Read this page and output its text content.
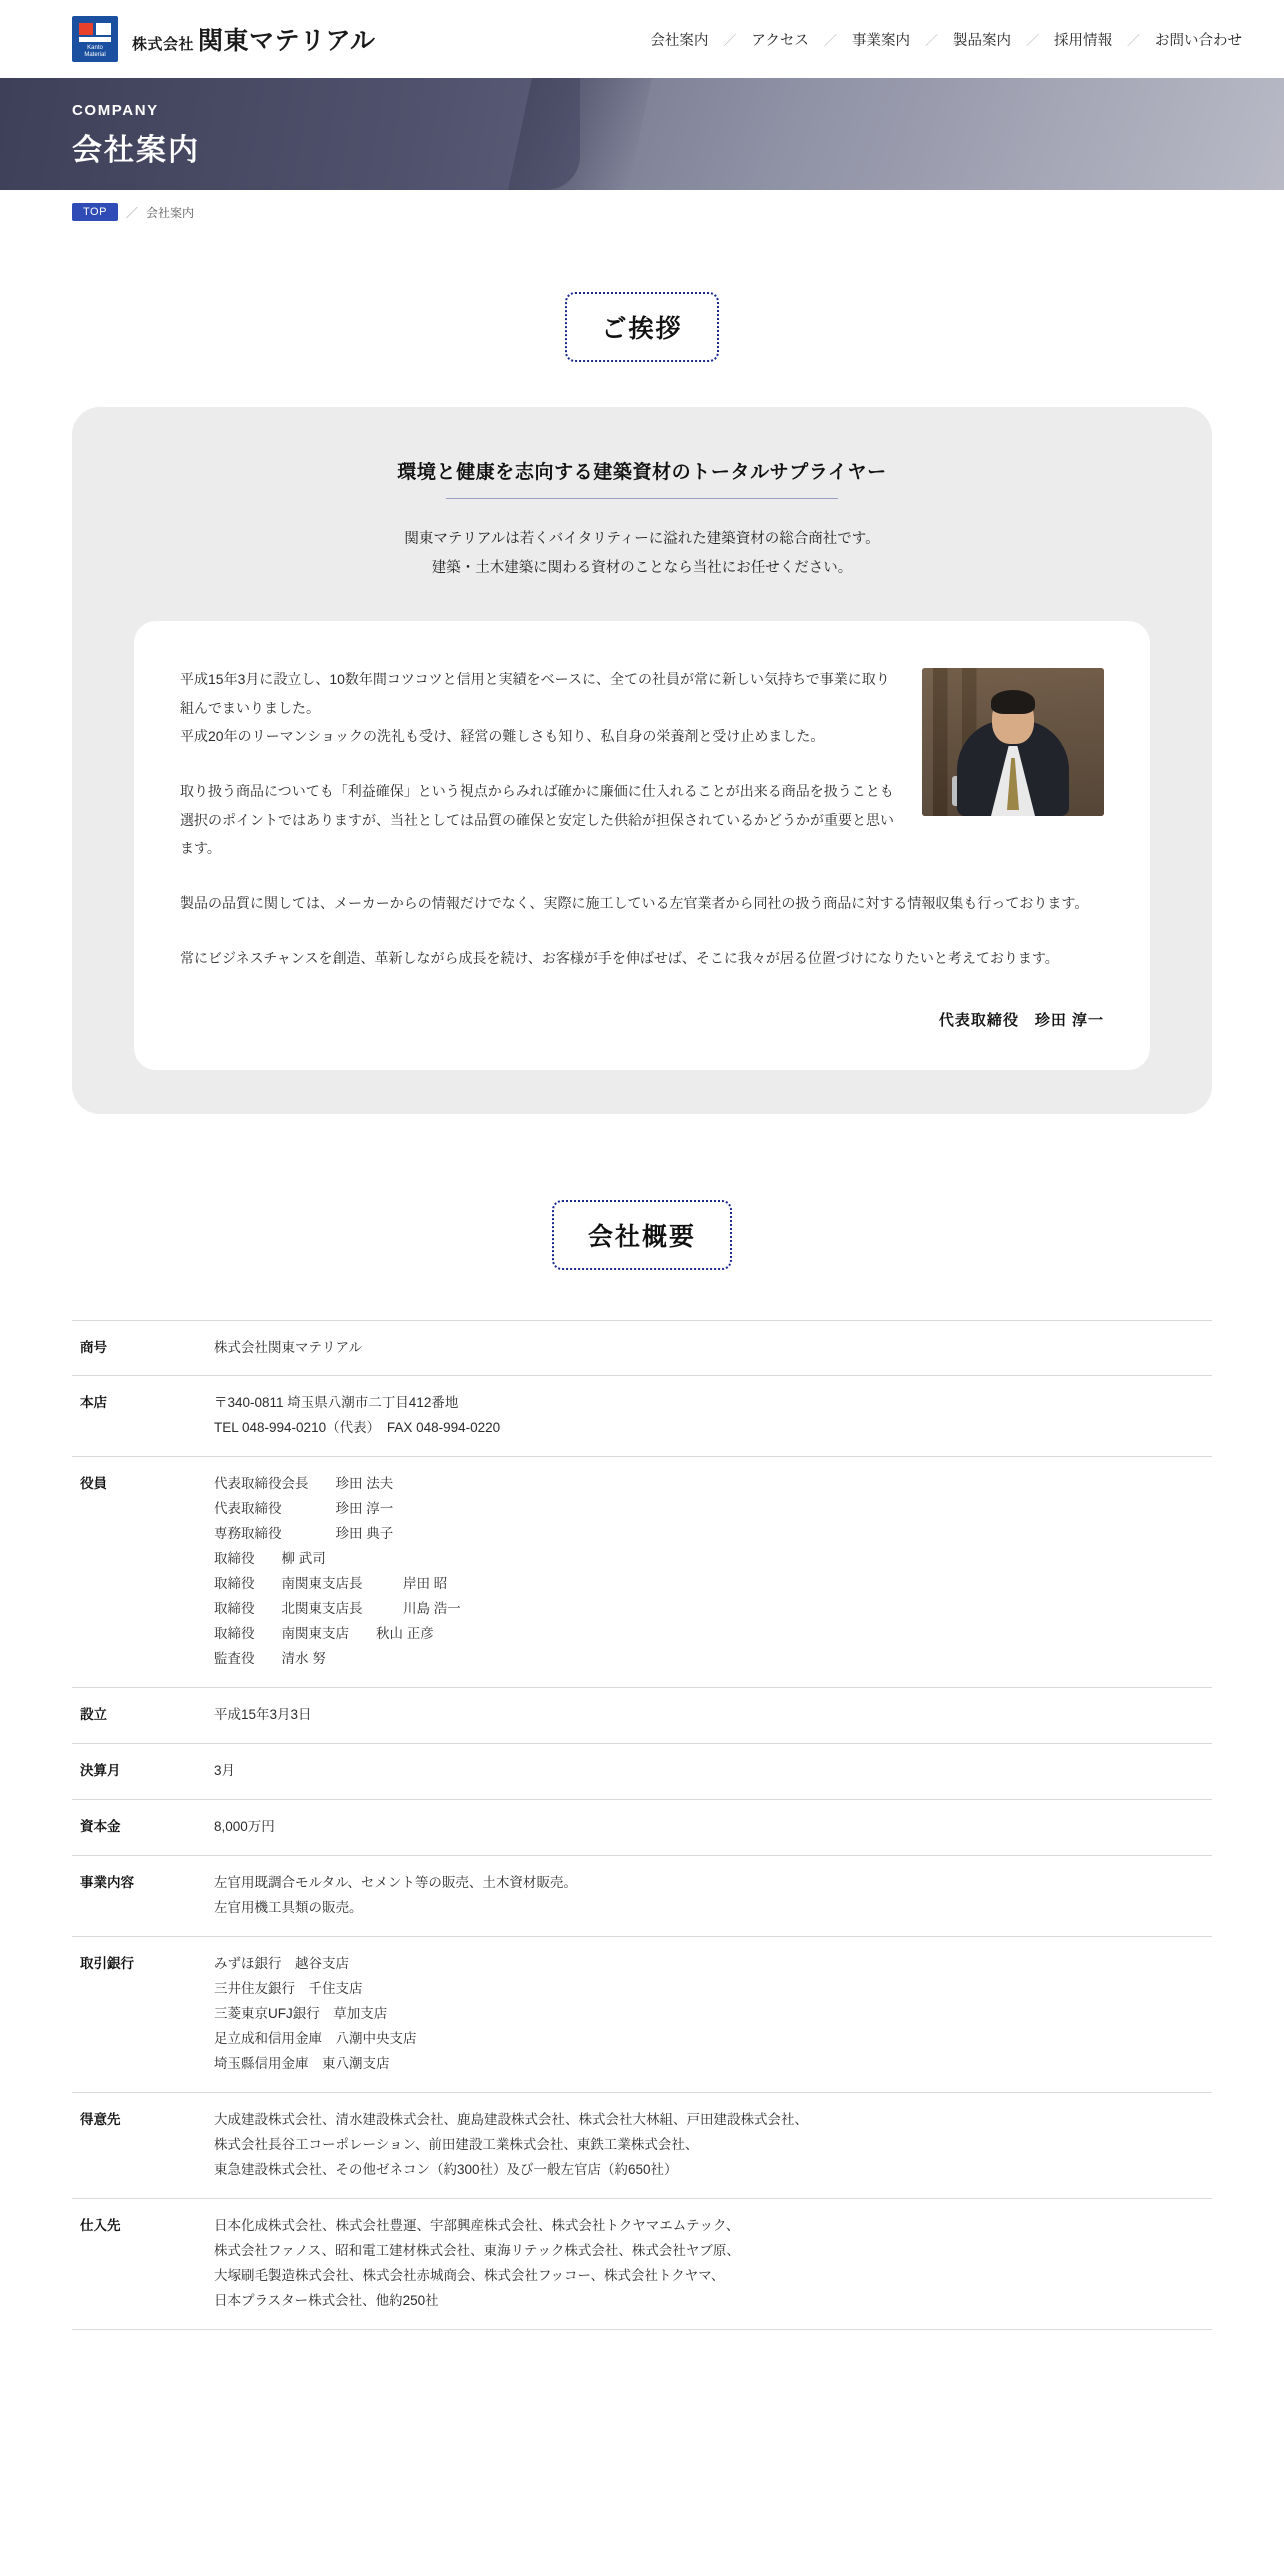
Kanto
Material
株式会社 関東マテリアル	会社案内 ／ アクセス ／ 事業案内 ／ 製品案内 ／ 採用情報 ／ お問い合わせ
COMPANY
会社案内
TOP	／ 会社案内
ご挨拶
環境と健康を志向する建築資材のトータルサプライヤー
関東マテリアルは若くバイタリティーに溢れた建築資材の総合商社です。
建築・土木建築に関わる資材のことなら当社にお任せください。

平成15年3月に設立し、10数年間コツコツと信用と実績をベースに、全ての社員が常に新しい気持ちで事業に取り組んでまいりました。
平成20年のリーマンショックの洗礼も受け、経営の難しさも知り、私自身の栄養剤と受け止めました。

取り扱う商品についても「利益確保」という視点からみれば確かに廉価に仕入れることが出来る商品を扱うことも選択のポイントではありますが、当社としては品質の確保と安定した供給が担保されているかどうかが重要と思います。

製品の品質に関しては、メーカーからの情報だけでなく、実際に施工している左官業者から同社の扱う商品に対する情報収集も行っております。

常にビジネスチャンスを創造、革新しながら成長を続け、お客様が手を伸ばせば、そこに我々が居る位置づけになりたいと考えております。

代表取締役　珍田 淳一
会社概要
商号	株式会社関東マテリアル

本店	〒340-0811 埼玉県八潮市二丁目412番地
TEL 048-994-0210（代表）　FAX 048-994-0220

役員	代表取締役会長　　珍田 法夫
代表取締役　　　　珍田 淳一
専務取締役　　　　珍田 典子
取締役　　柳 武司
取締役　　南関東支店長　　　岸田 昭
取締役　　北関東支店長　　　川島 浩一
取締役　　南関東支店　　秋山 正彦
監査役　　清水 努

設立	平成15年3月3日

決算月	3月

資本金	8,000万円

事業内容	左官用既調合モルタル、セメント等の販売、土木資材販売。
左官用機工具類の販売。

取引銀行	みずほ銀行　越谷支店
三井住友銀行　千住支店
三菱東京UFJ銀行　草加支店
足立成和信用金庫　八潮中央支店
埼玉縣信用金庫　東八潮支店

得意先	大成建設株式会社、清水建設株式会社、鹿島建設株式会社、株式会社大林組、戸田建設株式会社、
株式会社長谷工コーポレーション、前田建設工業株式会社、東鉄工業株式会社、
東急建設株式会社、その他ゼネコン（約300社）及び一般左官店（約650社）

仕入先	日本化成株式会社、株式会社豊運、宇部興産株式会社、株式会社トクヤマエムテック、
株式会社ファノス、昭和電工建材株式会社、東海リテック株式会社、株式会社ヤブ原、
大塚刷毛製造株式会社、株式会社赤城商会、株式会社フッコー、株式会社トクヤマ、
日本プラスター株式会社、他約250社
